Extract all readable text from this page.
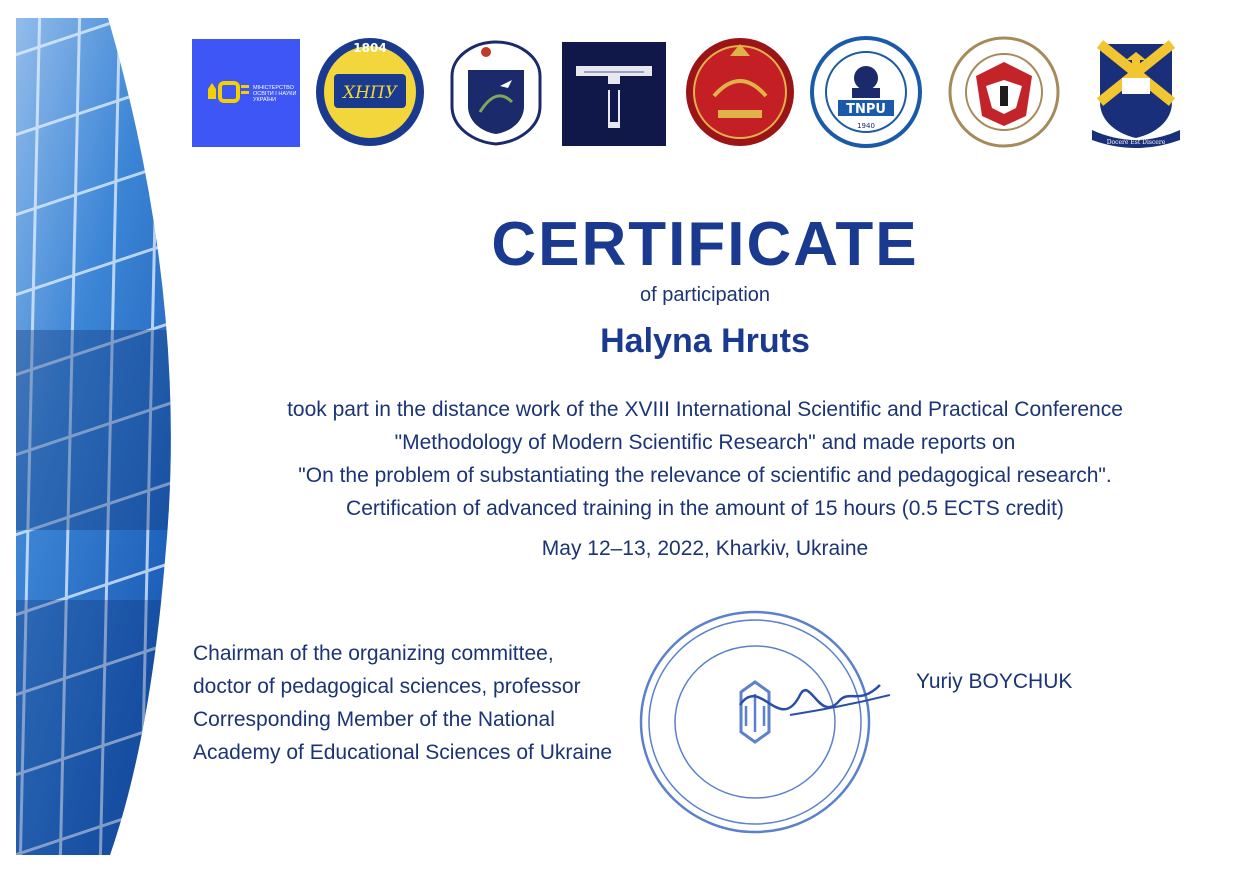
МІНІСТЕРСТВО ОСВІТИ І НАУКИ УКРАЇНИ	ХНПУ
1804
TNPU
1940
Docere Est Discere
CERTIFICATE
of participation
Halyna Hruts
took part in the distance work of the XVIII International Scientific and Practical Conference
"Methodology of Modern Scientific Research" and made reports on
"On the problem of substantiating the relevance of scientific and pedagogical research".
Certification of advanced training in the amount of 15 hours (0.5 ECTS credit)
May 12–13, 2022, Kharkiv, Ukraine
Chairman of the organizing committee,
doctor of pedagogical sciences, professor
Corresponding Member of the National
Academy of Educational Sciences of Ukraine
Yuriy BOYCHUK
